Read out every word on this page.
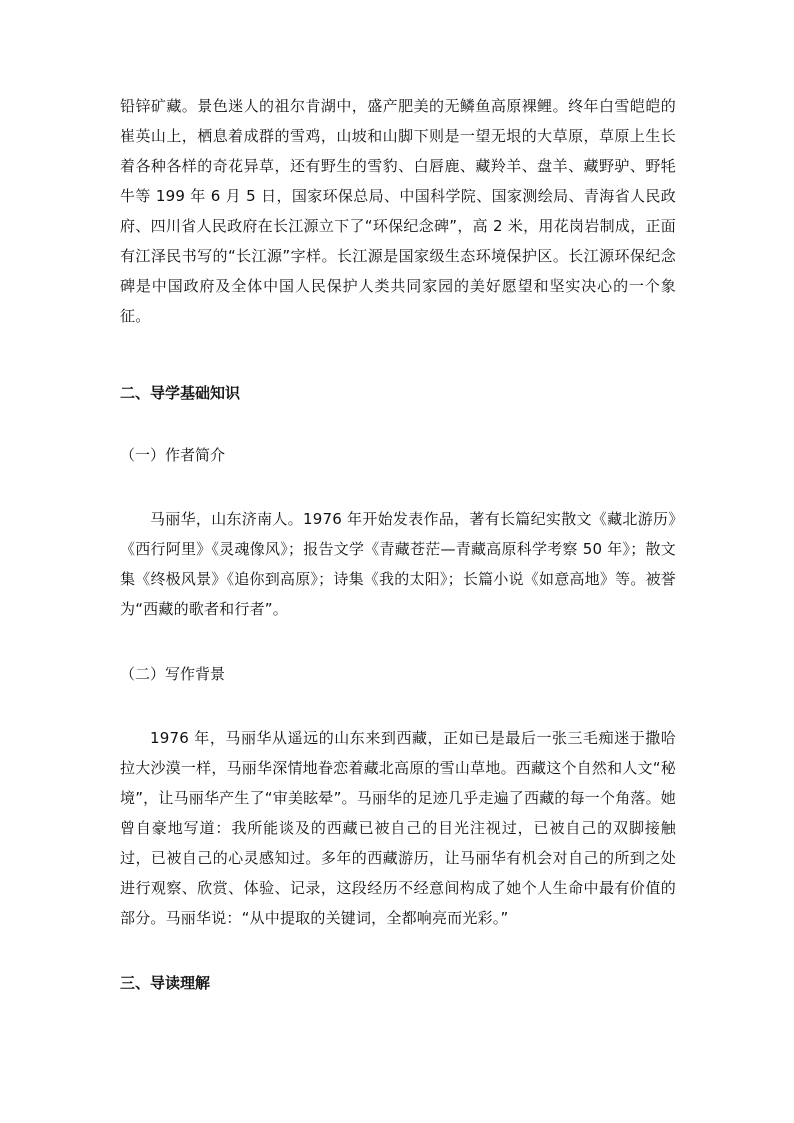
铅锌矿藏。景色迷人的祖尔肯湖中，盛产肥美的无鳞鱼高原裸鲤。终年白雪皑皑的崔英山上，栖息着成群的雪鸡，山坡和山脚下则是一望无垠的大草原，草原上生长着各种各样的奇花异草，还有野生的雪豹、白唇鹿、藏羚羊、盘羊、藏野驴、野牦牛等 199 年 6 月 5 日，国家环保总局、中国科学院、国家测绘局、青海省人民政府、四川省人民政府在长江源立下了“环保纪念碑”，高 2 米，用花岗岩制成，正面有江泽民书写的“长江源”字样。长江源是国家级生态环境保护区。长江源环保纪念碑是中国政府及全体中国人民保护人类共同家园的美好愿望和坚实决心的一个象征。

二、导学基础知识

（一）作者简介

马丽华，山东济南人。1976 年开始发表作品，著有长篇纪实散文《藏北游历》《西行阿里》《灵魂像风》；报告文学《青藏苍茫—青藏高原科学考察 50 年》；散文集《终极风景》《追你到高原》；诗集《我的太阳》；长篇小说《如意高地》等。被誉为“西藏的歌者和行者”。

（二）写作背景

1976 年，马丽华从遥远的山东来到西藏，正如已是最后一张三毛痴迷于撒哈拉大沙漠一样，马丽华深情地眷恋着藏北高原的雪山草地。西藏这个自然和人文“秘境”，让马丽华产生了“审美眩晕”。马丽华的足迹几乎走遍了西藏的每一个角落。她曾自豪地写道：我所能谈及的西藏已被自己的目光注视过，已被自己的双脚接触过，已被自己的心灵感知过。多年的西藏游历，让马丽华有机会对自己的所到之处进行观察、欣赏、体验、记录，这段经历不经意间构成了她个人生命中最有价值的部分。马丽华说：“从中提取的关键词，全都响亮而光彩。”

三、导读理解
